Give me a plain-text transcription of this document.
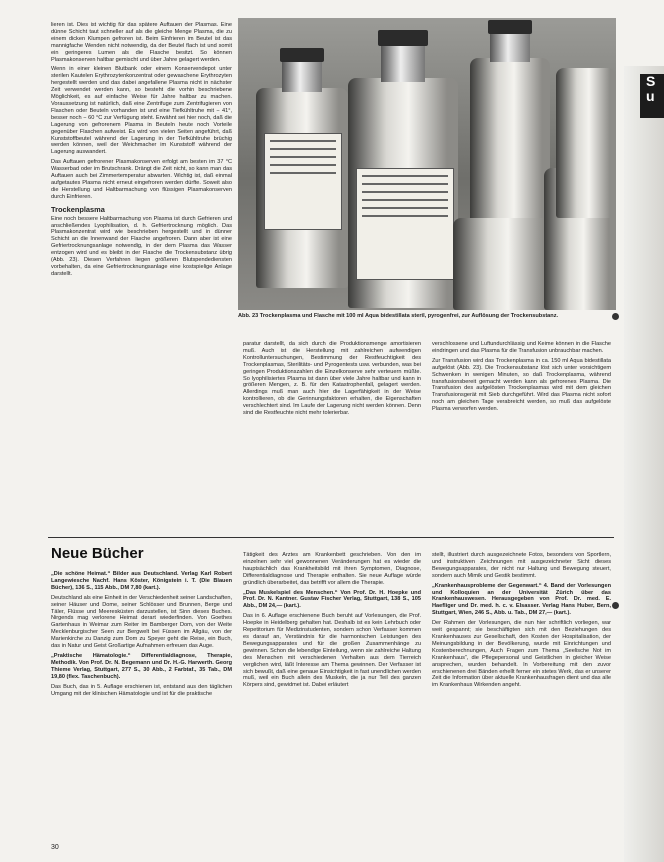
lieren ist. Dies ist wichtig für das spätere Auftauen der Plasmas. Eine dünne Schicht taut schneller auf als die gleiche Menge Plasma, die zu einem dicken Klumpen gefroren ist. Beim Einfrieren im Beutel ist das mannigfache Wenden nicht notwendig, da der Beutel flach ist und somit ein geringeres Lumen als die Flasche besitzt. So können Plasmakonserven haltbar gemischt und über Jahre gelagert werden.

Wenn in einer kleinen Blutbank oder einem Konservendepot unter sterilen Kautelen Erythrozytenkonzentrat oder gewaschene Erythrozyten hergestellt werden und das dabei angefallene Plasma nicht in nächster Zeit verwendet werden kann, so besteht die vorhin beschriebene Möglichkeit, es auf einfache Weise für Jahre haltbar zu machen. Voraussetzung ist natürlich, daß eine Zentrifuge zum Zentrifugieren von Flaschen oder Beuteln vorhanden ist und eine Tiefkühltruhe mit − 41°, besser noch − 60 °C zur Verfügung steht. Erwähnt sei hier noch, daß die Lagerung von gefrorenem Plasma in Beuteln heute noch Vorteile gegenüber Flaschen aufweist. Es wird von vielen Seiten angeführt, daß Kunststoffbeutel während der Lagerung in der Tiefkühltruhe brüchig werden können, weil der Weichmacher im Kunststoff während der Lagerung auswandert.

Das Auftauen gefrorener Plasmakonserven erfolgt am besten im 37 °C Wasserbad oder im Brutschrank. Drängt die Zeit nicht, so kann man das Auftauen auch bei Zimmertemperatur abwarten. Wichtig ist, daß einmal aufgetautes Plasma nicht erneut eingefroren werden dürfte. Soweit also die Herstellung und Haltbarmachung von flüssigen Plasmakonserven durch Einfrieren.

Trockenplasma

Eine noch bessere Haltbarmachung von Plasma ist durch Gefrieren und anschließendes Lyophilisation, d. h. Gefriertrocknung möglich. Das Plasmakonzentrat wird wie beschrieben hergestellt und in dünner Schicht an die Innenwand der Flasche angefroren. Dann aber ist eine Gefriertrocknungsanlage notwendig, in der dem Plasma das Wasser entzogen wird und es bleibt in der Flasche die Trockensubstanz übrig (Abb. 23). Diesen Verfahren liegen größeren Blutspendediensten vorbehalten, da eine Gefriertrocknungsanlage eine kostspielige Anlage darstellt.

Abb. 23 Trockenplasma und Flasche mit 100 ml Aqua bidestillata steril, pyrogenfrei, zur Auflösung der Trockensubstanz.

paratur darstellt, da sich durch die Produktionsmenge amortisieren muß. Auch ist die Herstellung mit zahlreichen aufwendigen Kontrolluntersuchungen, Bestimmung der Restfeuchtigkeit des Trockenplasmas, Sterilitäts- und Pyrogentests usw. verbunden, was bei geringen Produktionszahlen die Einzelkonserve sehr verteuern müßte. So lyophilisiertes Plasma ist dann über viele Jahre haltbar und kann in größeren Mengen, z. B. für den Katastrophenfall, gelagert werden. Allerdings muß man auch hier die Lagerfähigkeit in der Weise kontrollieren, ob die Gerinnungsfaktoren erhalten, die Eigenschaften verschlechtert sind. Im Laufe der Lagerung nicht werden können. Denn sind die Restfeuchte nicht mehr tolerierbar.

verschlossene und Luftundurchlässig und Keime können in die Flasche eindringen und das Plasma für die Transfusion unbrauchbar machen.

Zur Transfusion wird das Trockenplasma in ca. 150 ml Aqua bidestillata aufgelöst (Abb. 23). Die Trockensubstanz löst sich unter vorsichtigem Schwenken in wenigen Minuten, so daß Trockenplasma, während transfusionsbereit gemacht werden kann als gefrorenes Plasma. Die Transfusion des aufgelösten Trockenplasmas wird mit dem gleichen Transfusionsgerät mit Sieb durchgeführt. Wird das Plasma nicht sofort noch am gleichen Tage verabreicht werden, so muß das aufgelöste Plasma verworfen werden.

Neue Bücher

„Die schöne Heimat.“ Bilder aus Deutschland. Verlag Karl Robert Langewiesche Nachf. Hans Köster, Königstein i. T. (Die Blauen Bücher), 136 S., 115 Abb., DM 7,80 (kart.).

Deutschland als eine Einheit in der Verschiedenheit seiner Landschaften, seiner Häuser und Dome, seiner Schlösser und Brunnen, Berge und Täler, Flüsse und Meeresküsten darzustellen, ist Sinn dieses Buches. Nirgends mag verlorene Heimat derart wiederfinden. Von Goethes Gartenhaus in Weimar zum Reiter im Bamberger Dom, von der Weite Mecklenburgischer Seen zur Bergwelt bei Füssen im Allgäu, von der Marienkirche zu Danzig zum Dom zu Speyer geht die Reise, ein Buch, das in Natur und Geist Großartige Aufnahmen erfreuen das Auge.

„Praktische Hämatologie.“ Differentialdiagnose, Therapie, Methodik. Von Prof. Dr. N. Begemann und Dr. H.-G. Harwerth. Georg Thieme Verlag, Stuttgart, 277 S., 30 Abb., 2 Farbtaf., 35 Tab., DM 19,80 (flex. Taschenbuch).

Das Buch, das in 5. Auflage erschienen ist, entstand aus den täglichen Umgang mit der klinischen Hämatologie und ist für die praktische

Tätigkeit des Arztes am Krankenbett geschrieben. Von den im einzelnen sehr viel gewonnenen Veränderungen hat es wieder die hauptsächlich das Krankheitsbild mit ihren Symptomen, Diagnose, Differentialdiagnose und Therapie enthalten. Sie neue Auflage würde gründlich überarbeitet, das betrifft vor allem die Therapie.

„Das Muskelspiel des Menschen.“ Von Prof. Dr. H. Hoepke und Prof. Dr. N. Kantner. Gustav Fischer Verlag, Stuttgart, 138 S., 105 Abb., DM 24,— (kart.).

Das in 6. Auflage erschienene Buch beruht auf Vorlesungen, die Prof. Hoepke in Heidelberg gehalten hat. Deshalb ist es kein Lehrbuch oder Repetitorium für Medizinstudenten, sondern schon Verfasser kommen es darauf an, Verständnis für die harmonischen Leistungen des Bewegungsapparates und für die großen Zusammenhänge zu gewinnen. Schon die lebendige Einteilung, wenn sie zahlreiche Haltung des Menschen mit verschiedenen Verhalten aus dem Tierreich verglichen wird, läßt Interesse am Thema gewinnen. Der Verfasser ist sich bewußt, daß eine genaue Einsichtigkeit in fast unendlichen werden muß, weil ein Buch allein des Muskeln, die ja nur Teil des ganzen Körpers sind, gewidmet ist. Dabei erläutert

stellt, illustriert durch ausgezeichnete Fotos, besonders von Sportlern, und instruktiven Zeichnungen mit ausgezeichneter Sicht dieses Bewegungsapparates, der nicht nur Haltung und Bewegung steuert, sondern auch Mimik und Gestik bestimmt.

„Krankenhausprobleme der Gegenwart.“ 4. Band der Vorlesungen und Kolloquien an der Universität Zürich über das Krankenhauswesen. Herausgegeben von Prof. Dr. med. E. Haefliger und Dr. med. h. c. v. Elsasser. Verlag Hans Huber, Bern, Stuttgart, Wien, 246 S., Abb. u. Tab., DM 27,— (kart.).

Der Rahmen der Vorlesungen, die nun hier schriftlich vorliegen, war weit gespannt; sie beschäftigten sich mit den Beziehungen des Krankenhauses zur Gesellschaft, den Kosten der Hospitalisation, der Meinungsbildung in der Bevölkerung, wurde mit Einrichtungen und Kostenberechnungen, Auch Fragen zum Thema „Seelische Not im Krankenhaus“, die Pflegepersonal und Geistlichen in gleicher Weise ansprechen, wurden behandelt. In Vorbereitung mit den zuvor erschienenen drei Bänden erhellt ferner ein stetes Werk, das er unserer Zeit die Information über aktuelle Krankenhausfragen dient und das alle im Krankenhaus Wirkenden angeht.

30
S
u
